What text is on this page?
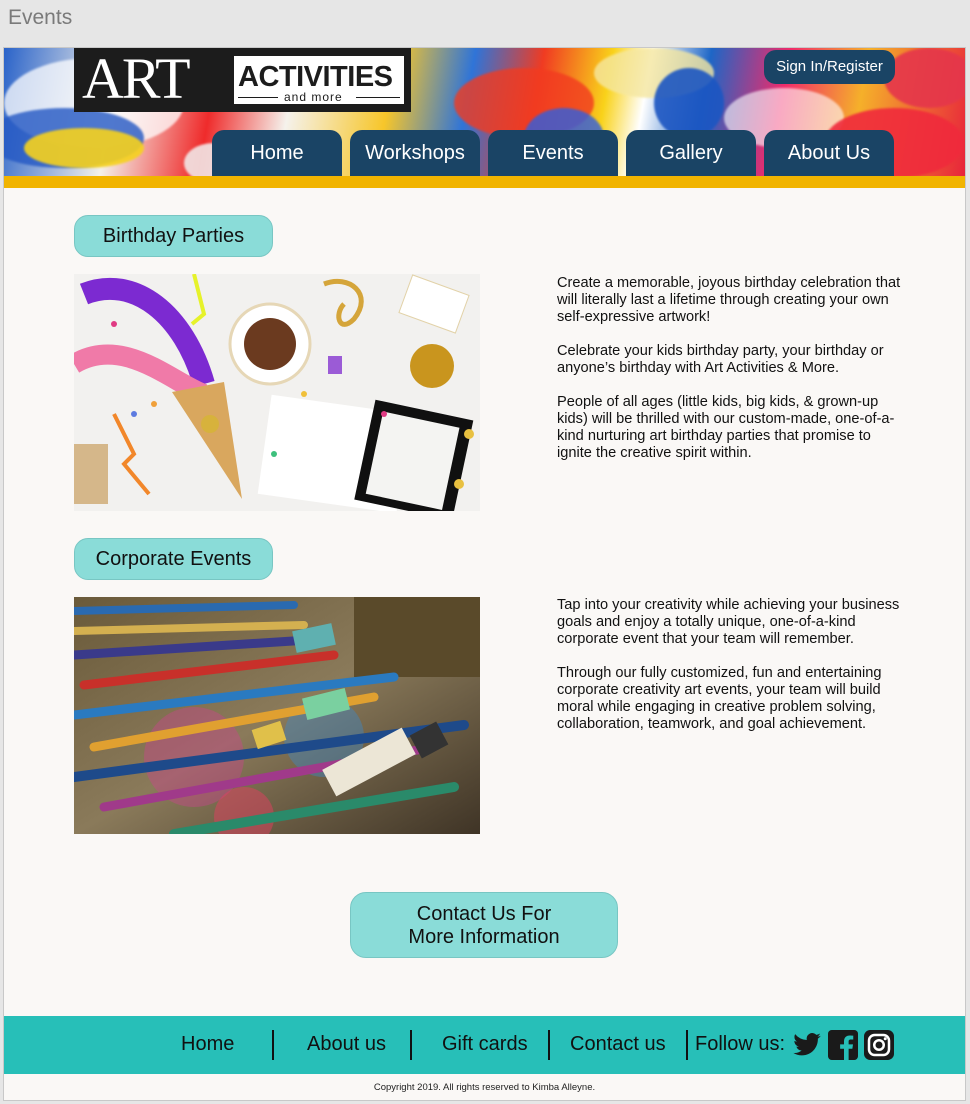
Events
ART ACTIVITIES
and more
Sign In/Register
Home	Workshops	Events	Gallery	About Us
Birthday Parties

Create a memorable, joyous birthday celebration that will literally last a lifetime through creating your own self-expressive artwork!

Celebrate your kids birthday party, your birthday or anyone’s birthday with Art Activities & More.

People of all ages (little kids, big kids, & grown-up kids) will be thrilled with our custom-made, one-of-a-kind nurturing art birthday parties that promise to ignite the creative spirit within.

Corporate Events

Tap into your creativity while achieving your business goals and enjoy a totally unique, one-of-a-kind corporate event that your team will remember.

Through our fully customized, fun and entertaining corporate creativity art events, your team will build moral while engaging in creative problem solving, collaboration, teamwork, and goal achievement.

Contact Us For
More Information
Home	About us	Gift cards Contact us Follow us:
Copyright 2019. All rights reserved to Kimba Alleyne.
